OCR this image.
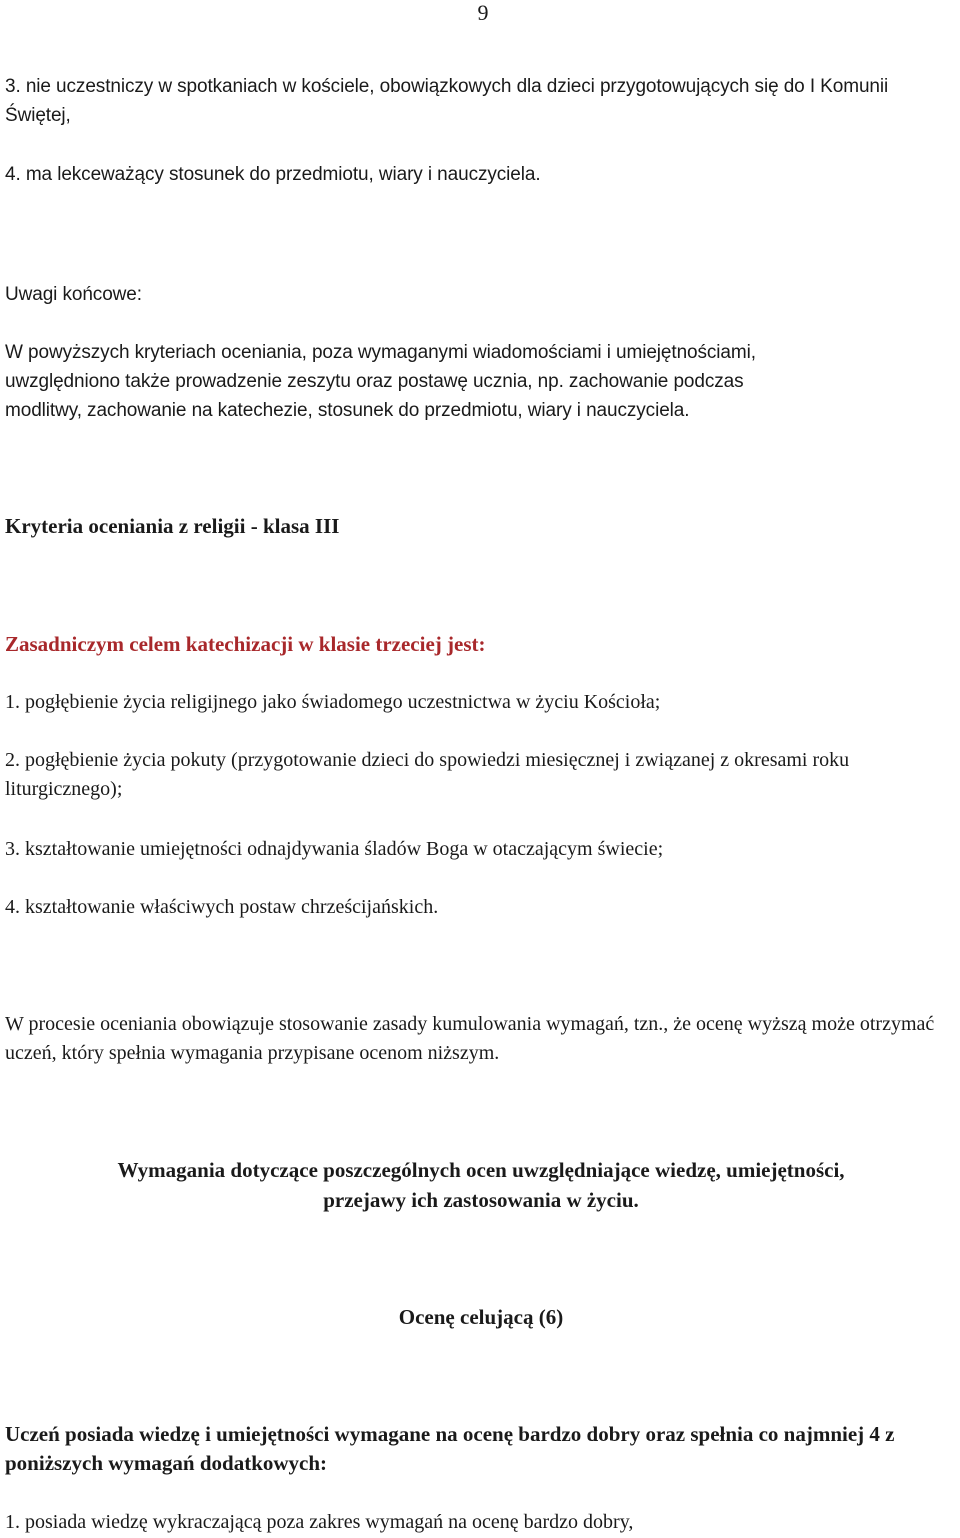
9

3. nie uczestniczy w spotkaniach w kościele, obowiązkowych dla dzieci przygotowujących się do I Komunii Świętej,

4. ma lekceważący stosunek do przedmiotu, wiary i nauczyciela.

Uwagi końcowe:

W powyższych kryteriach oceniania, poza wymaganymi wiadomościami i umiejętnościami,

uwzględniono także prowadzenie zeszytu oraz postawę ucznia, np. zachowanie podczas

modlitwy, zachowanie na katechezie, stosunek do przedmiotu, wiary i nauczyciela.

Kryteria oceniania z religii - klasa III
Zasadniczym celem katechizacji w klasie trzeciej jest:

1. pogłębienie życia religijnego jako świadomego uczestnictwa w życiu Kościoła;

2. pogłębienie życia pokuty (przygotowanie dzieci do spowiedzi miesięcznej i związanej z okresami roku liturgicznego);

3. kształtowanie umiejętności odnajdywania śladów Boga w otaczającym świecie;

4. kształtowanie właściwych postaw chrześcijańskich.

W procesie oceniania obowiązuje stosowanie zasady kumulowania wymagań, tzn., że ocenę wyższą może otrzymać uczeń, który spełnia wymagania przypisane ocenom niższym.

Wymagania dotyczące poszczególnych ocen uwzględniające wiedzę, umiejętności,

przejawy ich zastosowania w życiu.

Ocenę celującą (6)

Uczeń posiada wiedzę i umiejętności wymagane na ocenę bardzo dobry oraz spełnia co najmniej 4 z poniższych wymagań dodatkowych:

1. posiada wiedzę wykraczającą poza zakres wymagań na ocenę bardzo dobry,
